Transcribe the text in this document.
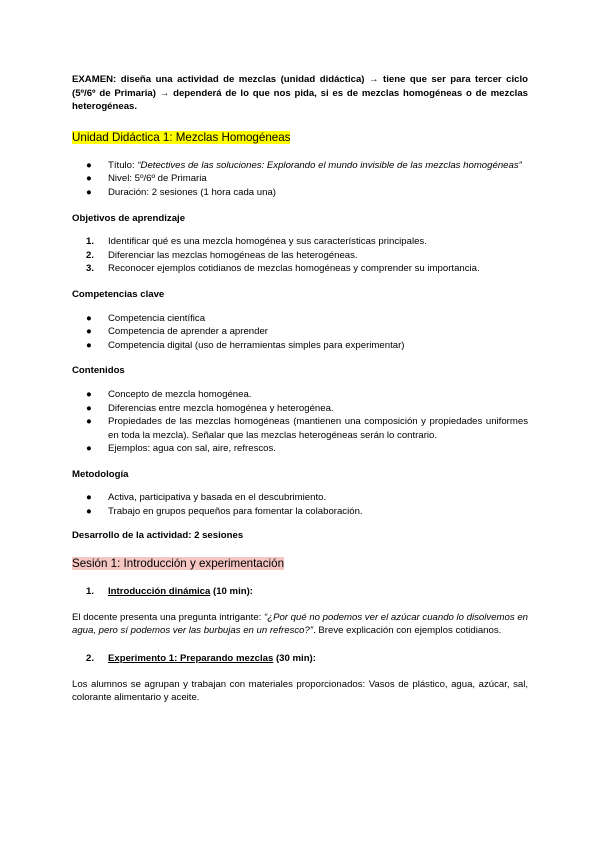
EXAMEN: diseña una actividad de mezclas (unidad didáctica) → tiene que ser para tercer ciclo (5º/6º de Primaria) → dependerá de lo que nos pida, si es de mezclas homogéneas o de mezclas heterogéneas.

Unidad Didáctica 1: Mezclas Homogéneas
● Título: “Detectives de las soluciones: Explorando el mundo invisible de las mezclas homogéneas”
● Nivel: 5º/6º de Primaria
● Duración: 2 sesiones (1 hora cada una)
Objetivos de aprendizaje
1. Identificar qué es una mezcla homogénea y sus características principales.
2. Diferenciar las mezclas homogéneas de las heterogéneas.
3. Reconocer ejemplos cotidianos de mezclas homogéneas y comprender su importancia.
Competencias clave
● Competencia científica
● Competencia de aprender a aprender
● Competencia digital (uso de herramientas simples para experimentar)
Contenidos
● Concepto de mezcla homogénea.
● Diferencias entre mezcla homogénea y heterogénea.
● Propiedades de las mezclas homogéneas (mantienen una composición y propiedades uniformes en toda la mezcla). Señalar que las mezclas heterogéneas serán lo contrario.
● Ejemplos: agua con sal, aire, refrescos.
Metodología
● Activa, participativa y basada en el descubrimiento.
● Trabajo en grupos pequeños para fomentar la colaboración.
Desarrollo de la actividad: 2 sesiones
Sesión 1: Introducción y experimentación
1. Introducción dinámica (10 min):

El docente presenta una pregunta intrigante: “¿Por qué no podemos ver el azúcar cuando lo disolvemos en agua, pero sí podemos ver las burbujas en un refresco?”. Breve explicación con ejemplos cotidianos.

2. Experimento 1: Preparando mezclas (30 min):

Los alumnos se agrupan y trabajan con materiales proporcionados: Vasos de plástico, agua, azúcar, sal, colorante alimentario y aceite.
